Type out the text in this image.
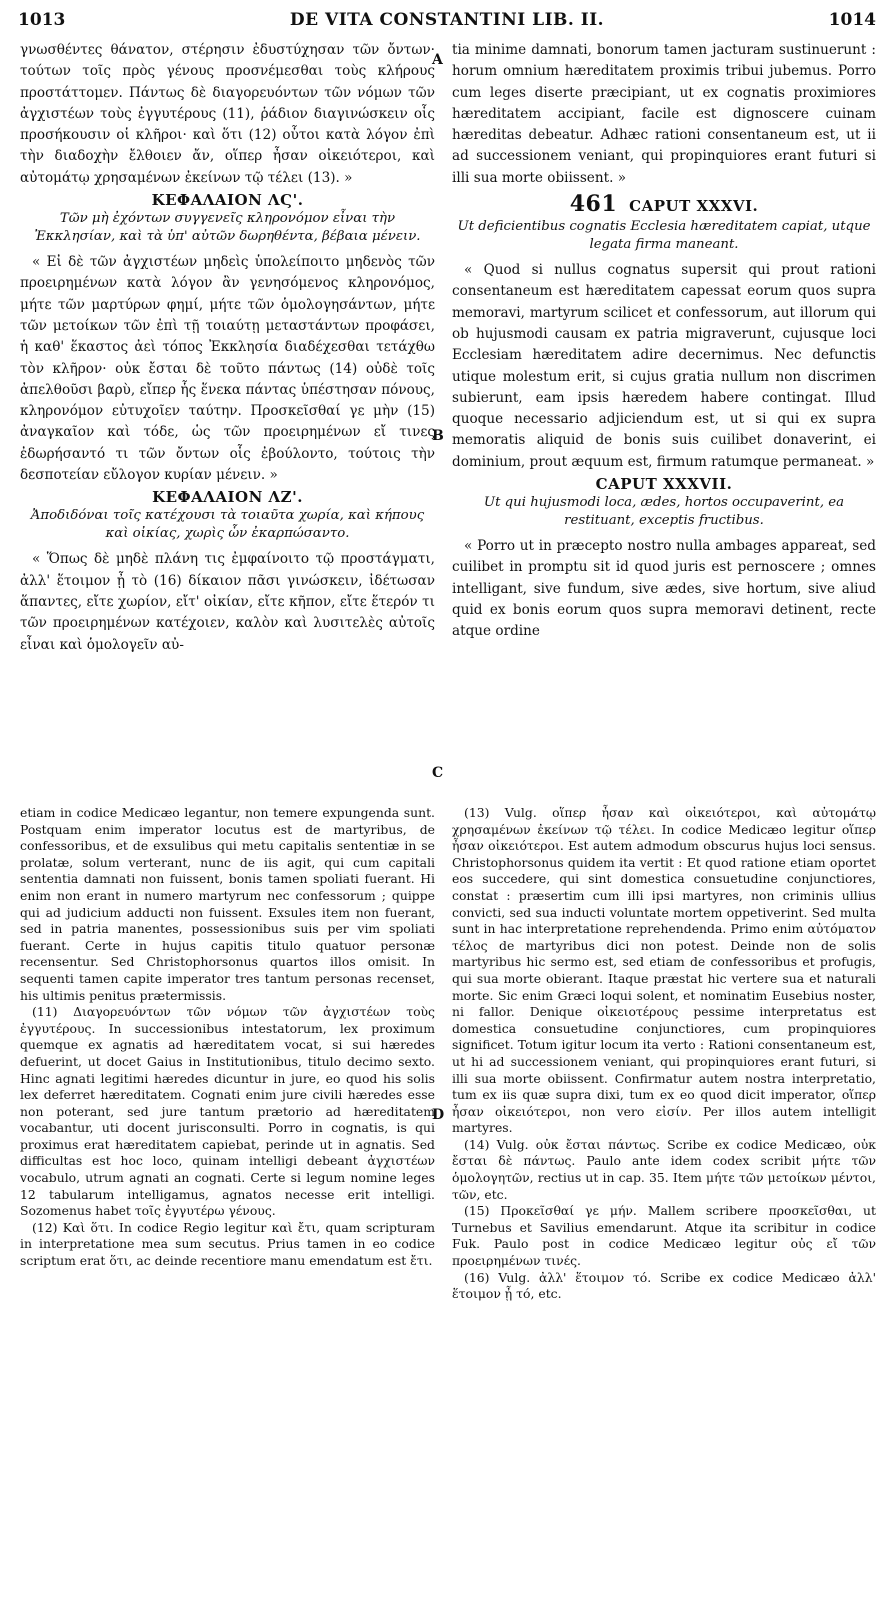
1013	DE VITA CONSTANTINI LIB. II.	1014

γνωσθέντες θάνατον, στέρησιν ἐδυστύχησαν τῶν ὄντων· τούτων τοῖς πρὸς γένους προσνέμεσθαι τοὺς κλήρους προστάττομεν. Πάντως δὲ διαγορευόντων τῶν νόμων τῶν ἀγχιστέων τοὺς ἐγγυτέρους (11), ῥάδιον διαγινώσκειν οἷς προσήκουσιν οἱ κλῆροι· καὶ ὅτι (12) οὗτοι κατὰ λόγον ἐπὶ τὴν διαδοχὴν ἔλθοιεν ἄν, οἵπερ ἦσαν οἰκειότεροι, καὶ αὐτομάτῳ χρησαμένων ἐκείνων τῷ τέλει (13). »

ΚΕΦΑΛΑΙΟΝ ΛϚ'.
Τῶν μὴ ἐχόντων συγγενεῖς κληρονόμον εἶναι τὴν Ἐκκλησίαν, καὶ τὰ ὑπ' αὐτῶν δωρηθέντα, βέβαια μένειν.

« Εἰ δὲ τῶν ἀγχιστέων μηδεὶς ὑπολείποιτο μηδενὸς τῶν προειρημένων κατὰ λόγον ἂν γενησόμενος κληρονόμος, μήτε τῶν μαρτύρων φημί, μήτε τῶν ὁμολογησάντων, μήτε τῶν μετοίκων τῶν ἐπὶ τῇ τοιαύτῃ μεταστάντων προφάσει, ἡ καθ' ἕκαστος ἀεὶ τόπος Ἐκκλησία διαδέχεσθαι τετάχθω τὸν κλῆρον· οὐκ ἔσται δὲ τοῦτο πάντως (14) οὐδὲ τοῖς ἀπελθοῦσι βαρὺ, εἴπερ ἧς ἕνεκα πάντας ὑπέστησαν πόνους, κληρονόμον εὐτυχοῖεν ταύτην. Προσκεῖσθαί γε μὴν (15) ἀναγκαῖον καὶ τόδε, ὡς τῶν προειρημένων εἴ τινες ἐδωρήσαντό τι τῶν ὄντων οἷς ἐβούλοντο, τούτοις τὴν δεσποτείαν εὔλογον κυρίαν μένειν. »

ΚΕΦΑΛΑΙΟΝ ΛΖ'.
Ἀποδιδόναι τοῖς κατέχουσι τὰ τοιαῦτα χωρία, καὶ κήπους καὶ οἰκίας, χωρὶς ὧν ἐκαρπώσαντο.

« Ὅπως δὲ μηδὲ πλάνη τις ἐμφαίνοιτο τῷ προστάγματι, ἀλλ' ἕτοιμον ᾖ τὸ (16) δίκαιον πᾶσι γινώσκειν, ἰδέτωσαν ἅπαντες, εἴτε χωρίον, εἴτ' οἰκίαν, εἴτε κῆπον, εἴτε ἕτερόν τι τῶν προειρημένων κατέχοιεν, καλὸν καὶ λυσιτελὲς αὐτοῖς εἶναι καὶ ὁμολογεῖν αὐ-

A
B
C
D

tia minime damnati, bonorum tamen jacturam sustinuerunt : horum omnium hæreditatem proximis tribui jubemus. Porro cum leges diserte præcipiant, ut ex cognatis proximiores hæreditatem accipiant, facile est dignoscere cuinam hæreditas debeatur. Adhæc rationi consentaneum est, ut ii ad successionem veniant, qui propinquiores erant futuri si illi sua morte obiissent. »

461 CAPUT XXXVI.
Ut deficientibus cognatis Ecclesia hæreditatem capiat, utque legata firma maneant.

« Quod si nullus cognatus supersit qui prout rationi consentaneum est hæreditatem capessat eorum quos supra memoravi, martyrum scilicet et confessorum, aut illorum qui ob hujusmodi causam ex patria migraverunt, cujusque loci Ecclesiam hæreditatem adire decernimus. Nec defunctis utique molestum erit, si cujus gratia nullum non discrimen subierunt, eam ipsis hæredem habere contingat. Illud quoque necessario adjiciendum est, ut si qui ex supra memoratis aliquid de bonis suis cuilibet donaverint, ei dominium, prout æquum est, firmum ratumque permaneat. »

CAPUT XXXVII.
Ut qui hujusmodi loca, ædes, hortos occupaverint, ea restituant, exceptis fructibus.

« Porro ut in præcepto nostro nulla ambages appareat, sed cuilibet in promptu sit id quod juris est pernoscere ; omnes intelligant, sive fundum, sive ædes, sive hortum, sive aliud quid ex bonis eorum quos supra memoravi detinent, recte atque ordine

etiam in codice Medicæo legantur, non temere expungenda sunt. Postquam enim imperator locutus est de martyribus, de confessoribus, et de exsulibus qui metu capitalis sententiæ in se prolatæ, solum verterant, nunc de iis agit, qui cum capitali sententia damnati non fuissent, bonis tamen spoliati fuerant. Hi enim non erant in numero martyrum nec confessorum ; quippe qui ad judicium adducti non fuissent. Exsules item non fuerant, sed in patria manentes, possessionibus suis per vim spoliati fuerant. Certe in hujus capitis titulo quatuor personæ recensentur. Sed Christophorsonus quartos illos omisit. In sequenti tamen capite imperator tres tantum personas recenset, his ultimis penitus prætermissis.

(11) Διαγορευόντων τῶν νόμων τῶν ἀγχιστέων τοὺς ἐγγυτέρους. In successionibus intestatorum, lex proximum quemque ex agnatis ad hæreditatem vocat, si sui hæredes defuerint, ut docet Gaius in Institutionibus, titulo decimo sexto. Hinc agnati legitimi hæredes dicuntur in jure, eo quod his solis lex deferret hæreditatem. Cognati enim jure civili hæredes esse non poterant, sed jure tantum prætorio ad hæreditatem vocabantur, uti docent jurisconsulti. Porro in cognatis, is qui proximus erat hæreditatem capiebat, perinde ut in agnatis. Sed difficultas est hoc loco, quinam intelligi debeant ἀγχιστέων vocabulo, utrum agnati an cognati. Certe si legum nomine leges 12 tabularum intelligamus, agnatos necesse erit intelligi. Sozomenus habet τοῖς ἐγγυτέρω γένους.

(12) Καὶ ὅτι. In codice Regio legitur καὶ ἔτι, quam scripturam in interpretatione mea sum secutus. Prius tamen in eo codice scriptum erat ὅτι, ac deinde recentiore manu emendatum est ἔτι.

(13) Vulg. οἵπερ ἦσαν καὶ οἰκειότεροι, καὶ αὐτομάτῳ χρησαμένων ἐκείνων τῷ τέλει. In codice Medicæo legitur οἵπερ ἦσαν οἰκειότεροι. Est autem admodum obscurus hujus loci sensus. Christophorsonus quidem ita vertit : Et quod ratione etiam oportet eos succedere, qui sint domestica consuetudine conjunctiores, constat : præsertim cum illi ipsi martyres, non criminis ullius convicti, sed sua inducti voluntate mortem oppetiverint. Sed multa sunt in hac interpretatione reprehendenda. Primo enim αὐτόματον τέλος de martyribus dici non potest. Deinde non de solis martyribus hic sermo est, sed etiam de confessoribus et profugis, qui sua morte obierant. Itaque præstat hic vertere sua et naturali morte. Sic enim Græci loqui solent, et nominatim Eusebius noster, ni fallor. Denique οἰκειοτέρους pessime interpretatus est domestica consuetudine conjunctiores, cum propinquiores significet. Totum igitur locum ita verto : Rationi consentaneum est, ut hi ad successionem veniant, qui propinquiores erant futuri, si illi sua morte obiissent. Confirmatur autem nostra interpretatio, tum ex iis quæ supra dixi, tum ex eo quod dicit imperator, οἵπερ ἦσαν οἰκειότεροι, non vero εἰσίν. Per illos autem intelligit martyres.

(14) Vulg. οὐκ ἔσται πάντως. Scribe ex codice Medicæo, οὐκ ἔσται δὲ πάντως. Paulo ante idem codex scribit μήτε τῶν ὁμολογητῶν, rectius ut in cap. 35. Item μήτε τῶν μετοίκων μέντοι, τῶν, etc.

(15) Προκεῖσθαί γε μήν. Mallem scribere προσκεῖσθαι, ut Turnebus et Savilius emendarunt. Atque ita scribitur in codice Fuk. Paulo post in codice Medicæo legitur οὐς εἴ τῶν προειρημένων τινές.

(16) Vulg. ἀλλ' ἕτοιμον τό. Scribe ex codice Medicæo ἀλλ' ἕτοιμον ᾖ τό, etc.
